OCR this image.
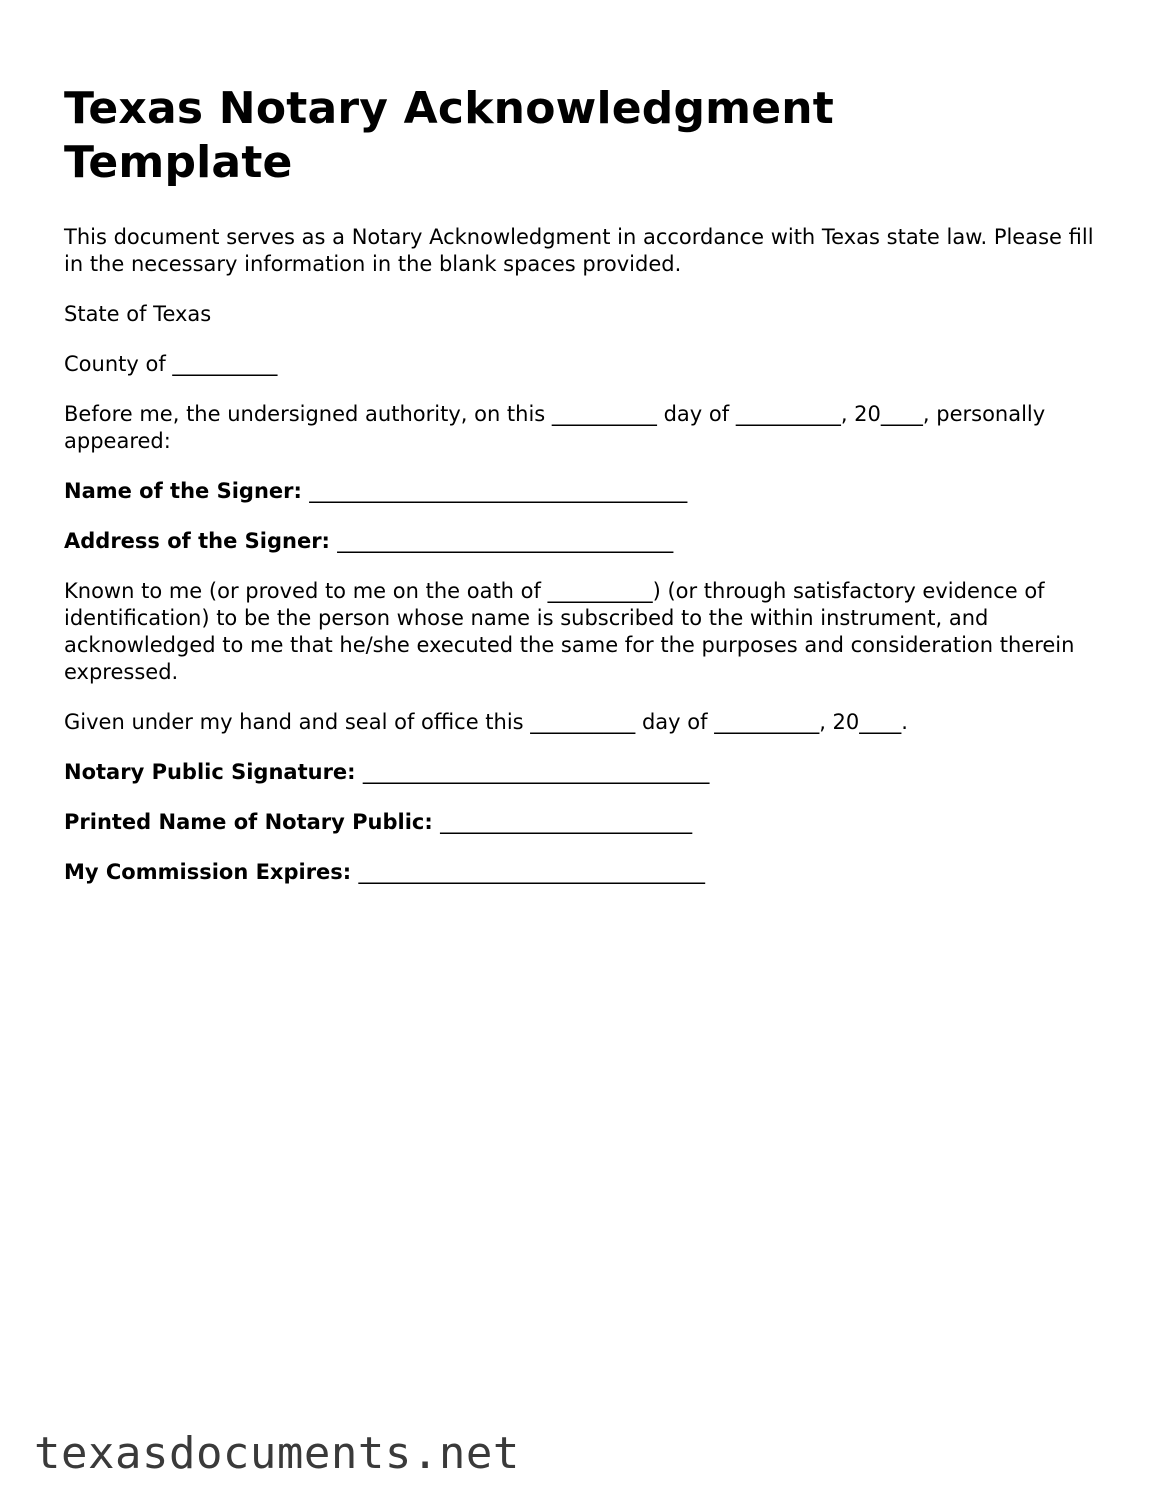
Texas Notary Acknowledgment Template

This document serves as a Notary Acknowledgment in accordance with Texas state law. Please fill in the necessary information in the blank spaces provided.

State of Texas

County of __________

Before me, the undersigned authority, on this __________ day of __________, 20____, personally appeared:

Name of the Signer: ____________________________________

Address of the Signer: ________________________________

Known to me (or proved to me on the oath of __________) (or through satisfactory evidence of identification) to be the person whose name is subscribed to the within instrument, and acknowledged to me that he/she executed the same for the purposes and consideration therein expressed.

Given under my hand and seal of office this __________ day of __________, 20____.

Notary Public Signature: _________________________________

Printed Name of Notary Public: ________________________

My Commission Expires: _________________________________

texasdocuments.net
